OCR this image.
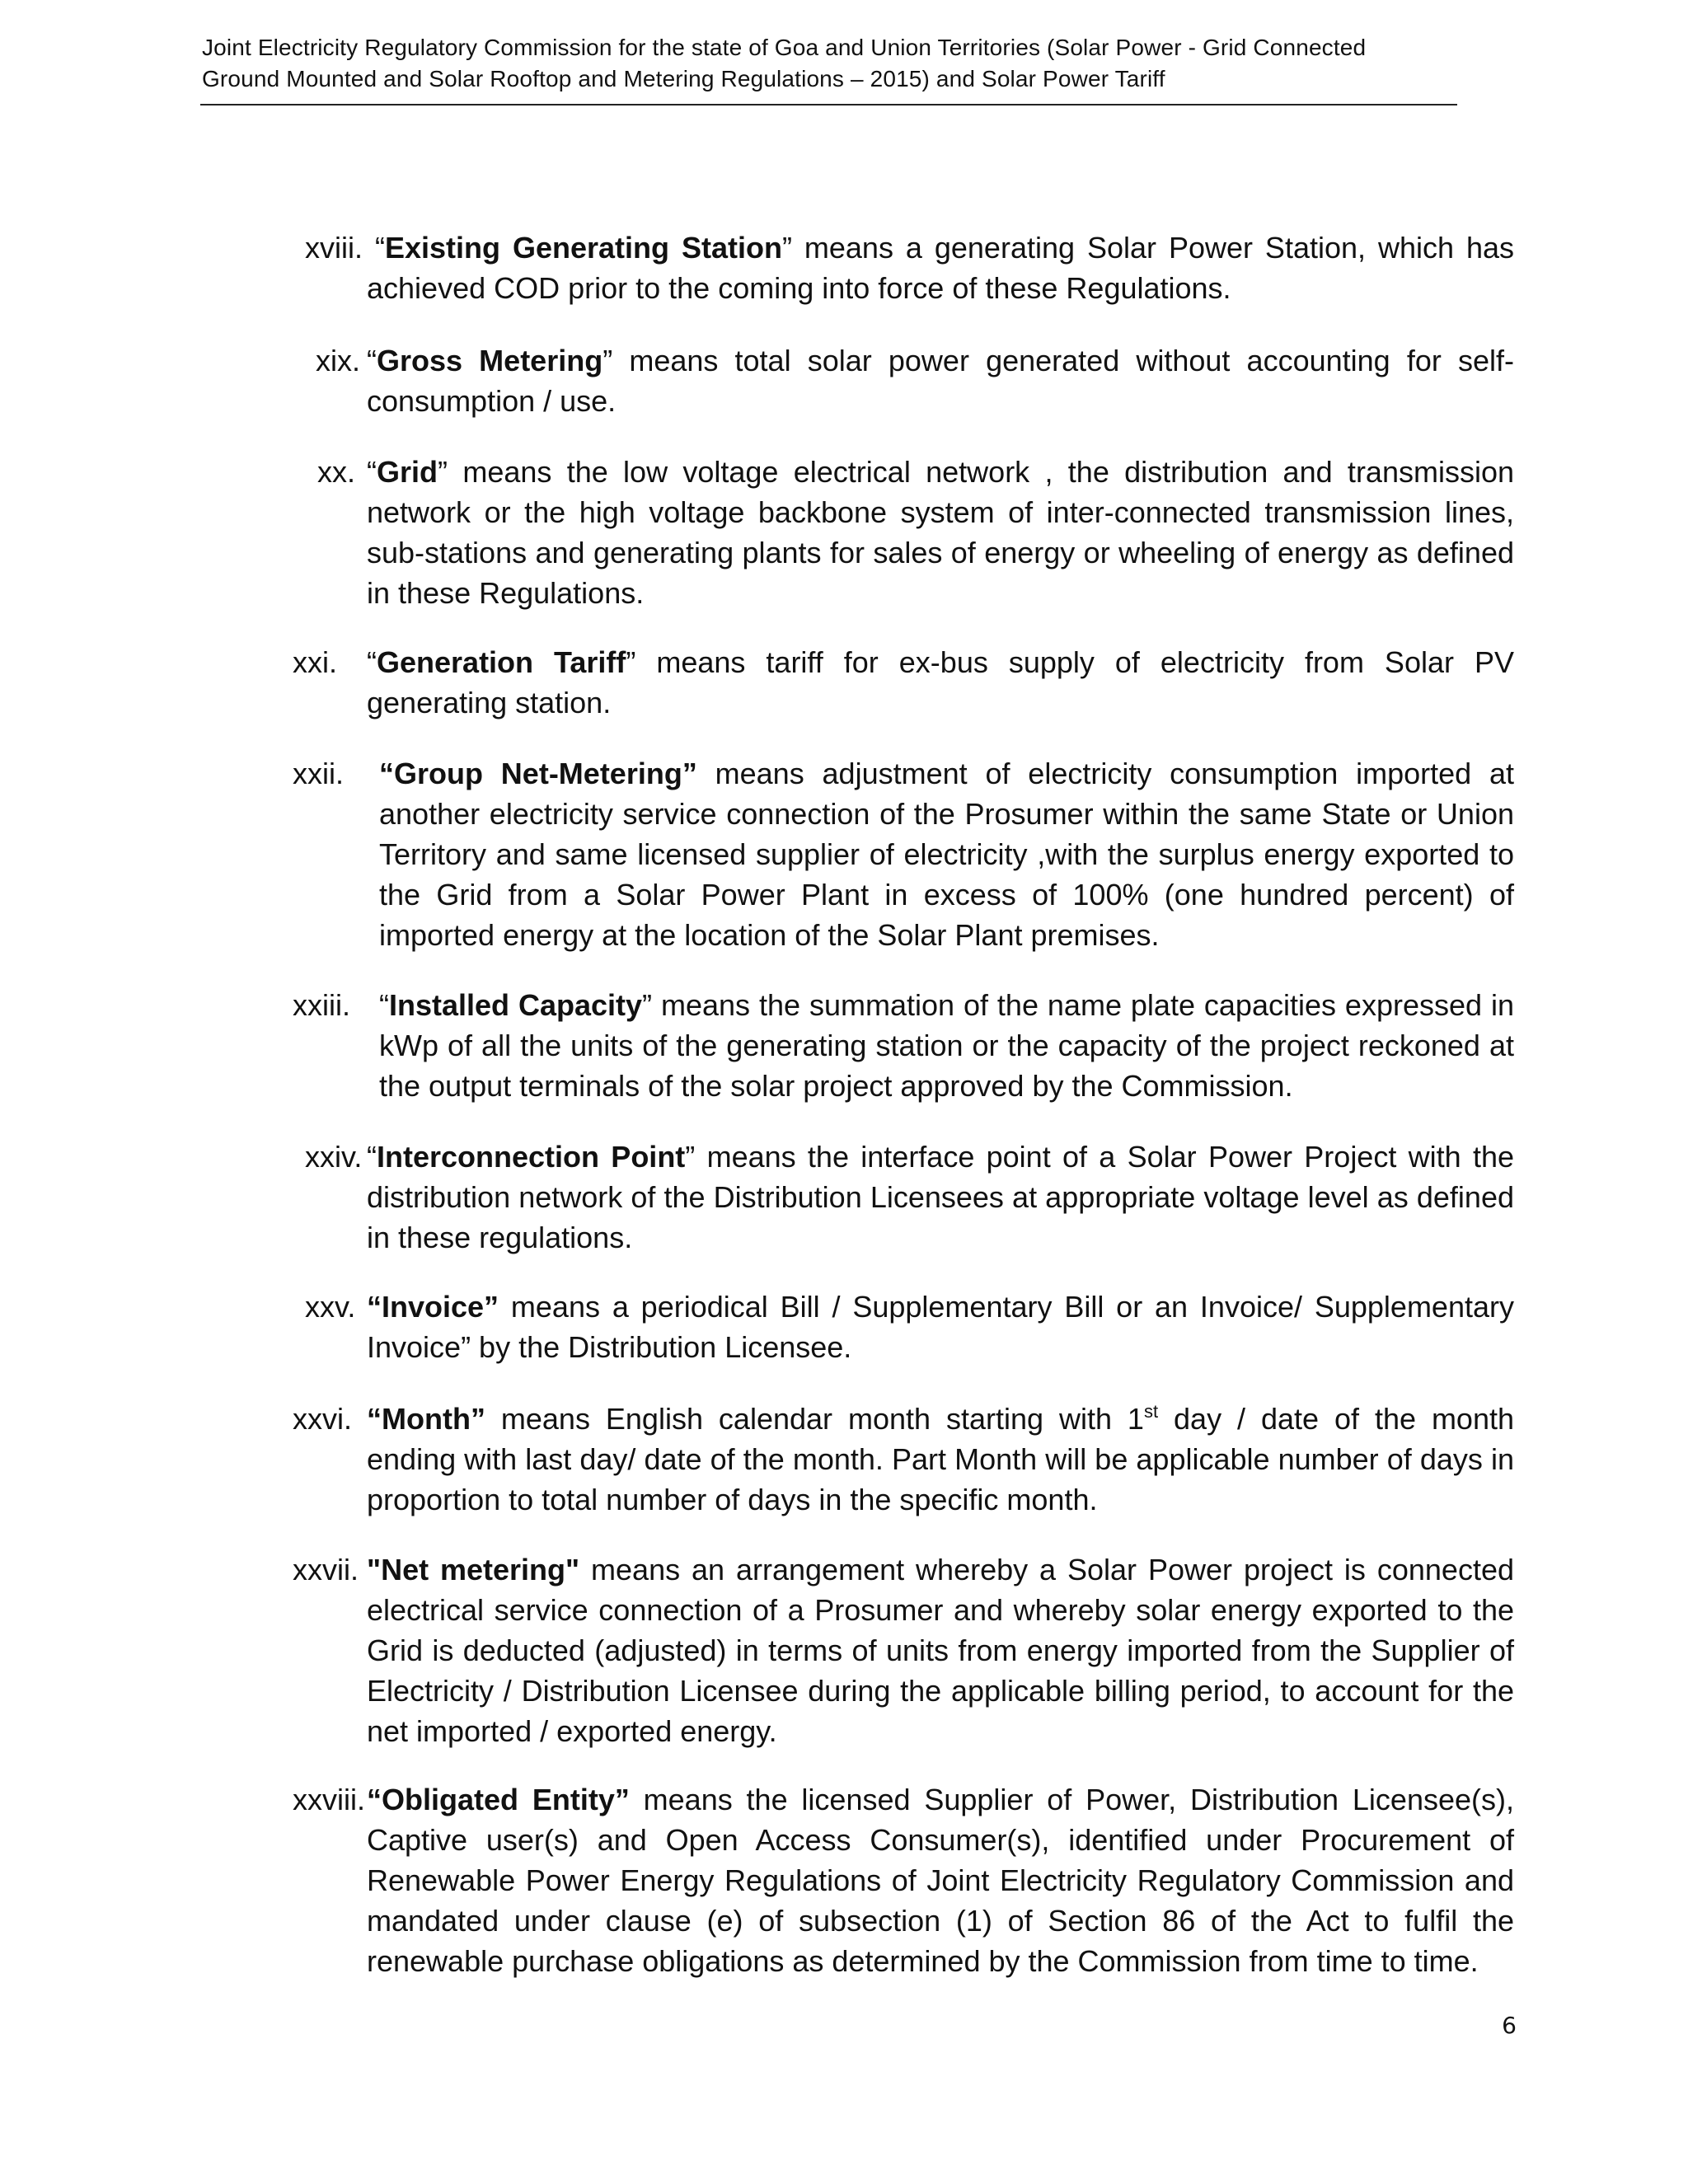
Joint Electricity Regulatory Commission for the state of Goa and Union Territories (Solar Power - Grid Connected
Ground Mounted and Solar Rooftop and Metering Regulations – 2015) and Solar Power Tariff
xviii. “Existing Generating Station” means a generating Solar Power Station, which has achieved COD prior to the coming into force of these Regulations.

xix. “Gross Metering” means total solar power generated without accounting for self-consumption / use.

xx. “Grid” means the low voltage electrical network , the distribution and transmission network or the high voltage backbone system of inter-connected transmission lines, sub-stations and generating plants for sales of energy or wheeling of energy as defined in these Regulations.

xxi. “Generation Tariff” means tariff for ex-bus supply of electricity from Solar PV generating station.

xxii. “Group Net-Metering” means adjustment of electricity consumption imported at another electricity service connection of the Prosumer within the same State or Union Territory and same licensed supplier of electricity ,with the surplus energy exported to the Grid from a Solar Power Plant in excess of 100% (one hundred percent) of imported energy at the location of the Solar Plant premises.

xxiii. “Installed Capacity” means the summation of the name plate capacities expressed in kWp of all the units of the generating station or the capacity of the project reckoned at the output terminals of the solar project approved by the Commission.

xxiv. “Interconnection Point” means the interface point of a Solar Power Project with the distribution network of the Distribution Licensees at appropriate voltage level as defined in these regulations.

xxv. “Invoice” means a periodical Bill / Supplementary Bill or an Invoice/ Supplementary Invoice” by the Distribution Licensee.

xxvi. “Month” means English calendar month starting with 1st day / date of the month ending with last day/ date of the month. Part Month will be applicable number of days in proportion to total number of days in the specific month.

xxvii. "Net metering" means an arrangement whereby a Solar Power project is connected electrical service connection of a Prosumer and whereby solar energy exported to the Grid is deducted (adjusted) in terms of units from energy imported from the Supplier of Electricity / Distribution Licensee during the applicable billing period, to account for the net imported / exported energy.

xxviii. “Obligated Entity” means the licensed Supplier of Power, Distribution Licensee(s), Captive user(s) and Open Access Consumer(s), identified under Procurement of Renewable Power Energy Regulations of Joint Electricity Regulatory Commission and mandated under clause (e) of subsection (1) of Section 86 of the Act to fulfil the renewable purchase obligations as determined by the Commission from time to time.

6
